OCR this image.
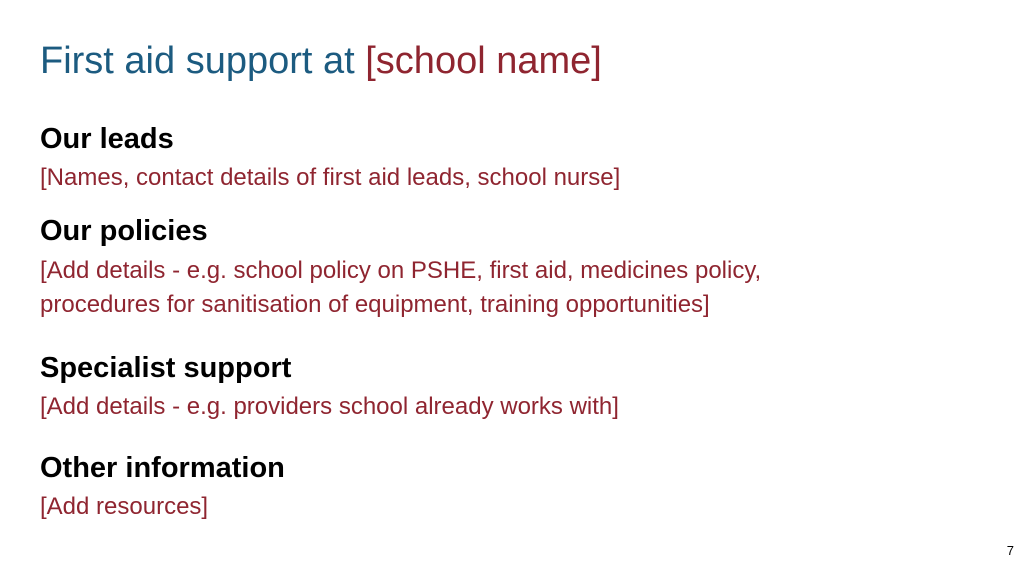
First aid support at [school name]
Our leads
[Names, contact details of first aid leads, school nurse]
Our policies
[Add details - e.g. school policy on PSHE, first aid, medicines policy,
procedures for sanitisation of equipment, training opportunities]
Specialist support
[Add details - e.g. providers school already works with]
Other information
[Add resources]
7
